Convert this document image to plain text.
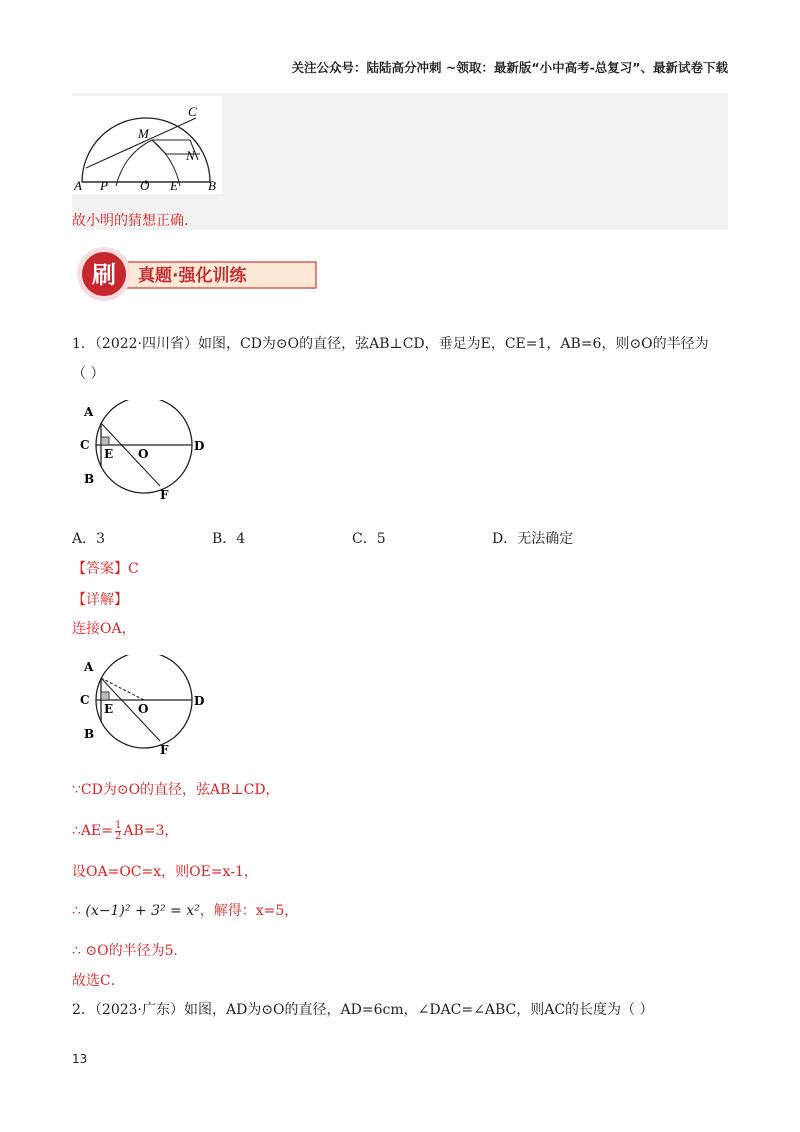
关注公众号：陆陆高分冲刺 ~领取：最新版“小中高考-总复习”、最新试卷下载
A P O E B
M
N
C
故小明的猜想正确.
刷 真题·强化训练
1．（2022·四川省）如图，CD为⊙O的直径，弦AB⊥CD，垂足为E，CE=1，AB=6，则⊙O的半径为
（ ）
A
C
E O
D
B
F
A．3	B．4	C．5	D．无法确定
【答案】C
【详解】
连接OA，
A
C
E O
D
B
F
∵CD为⊙O的直径，弦AB⊥CD，
∴AE= $\frac{1}{2} AB=3$，
设OA=OC=x，则OE=x-1，
∴ (x−1)² + 3² = x²，解得：x=5，
∴ ⊙O的半径为5．
故选C．
2．（2023·广东）如图，AD为⊙O的直径，AD=6cm，∠DAC=∠ABC，则AC的长度为（ ）
13
